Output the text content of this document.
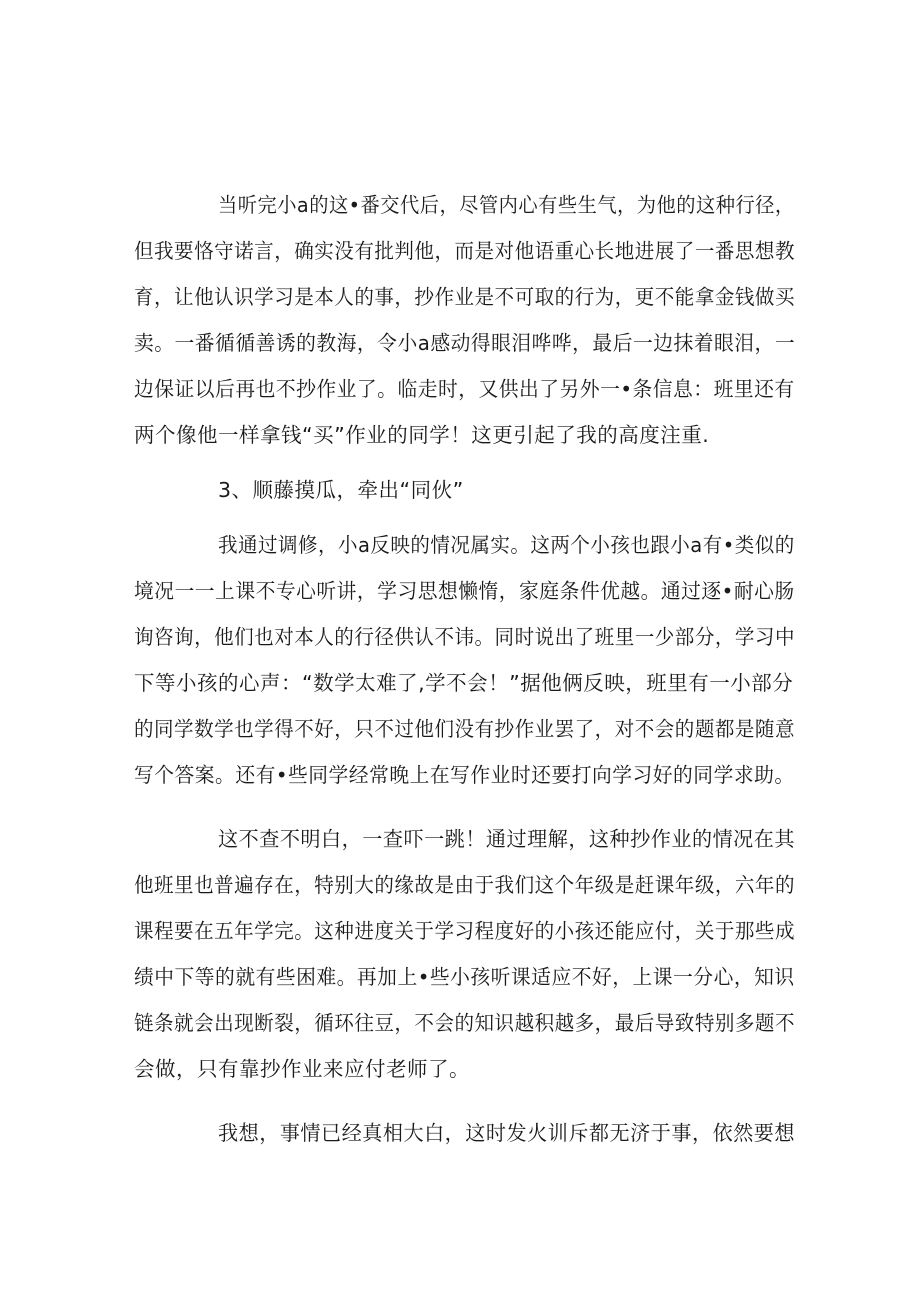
当听完小a的这•番交代后，尽管内心有些生气，为他的这种行径，

但我要恪守诺言，确实没有批判他，而是对他语重心长地进展了一番思想教

育，让他认识学习是本人的事，抄作业是不可取的行为，更不能拿金钱做买

卖。一番循循善诱的教海，令小a感动得眼泪哗哗，最后一边抹着眼泪，一

边保证以后再也不抄作业了。临走时，又供出了另外一•条信息：班里还有

两个像他一样拿钱“买”作业的同学！这更引起了我的高度注重.

3、顺藤摸瓜，牵出“同伙”

我通过调修，小a反映的情况属实。这两个小孩也跟小a有•类似的

境况一一上课不专心听讲，学习思想懒惰，家庭条件优越。通过逐•耐心肠

询咨询，他们也对本人的行径供认不讳。同时说出了班里一少部分，学习中

下等小孩的心声：“数学太难了,学不会！”据他俩反映，班里有一小部分

的同学数学也学得不好，只不过他们没有抄作业罢了，对不会的题都是随意

写个答案。还有•些同学经常晚上在写作业时还要打向学习好的同学求助。

这不查不明白，一查吓一跳！通过理解，这种抄作业的情况在其

他班里也普遍存在，特别大的缘故是由于我们这个年级是赶课年级，六年的

课程要在五年学完。这种进度关于学习程度好的小孩还能应付，关于那些成

绩中下等的就有些困难。再加上•些小孩听课适应不好，上课一分心，知识

链条就会出现断裂，循环往豆，不会的知识越积越多，最后导致特别多题不

会做，只有靠抄作业来应付老师了。

我想，事情已经真相大白，这时发火训斥都无济于事，依然要想
